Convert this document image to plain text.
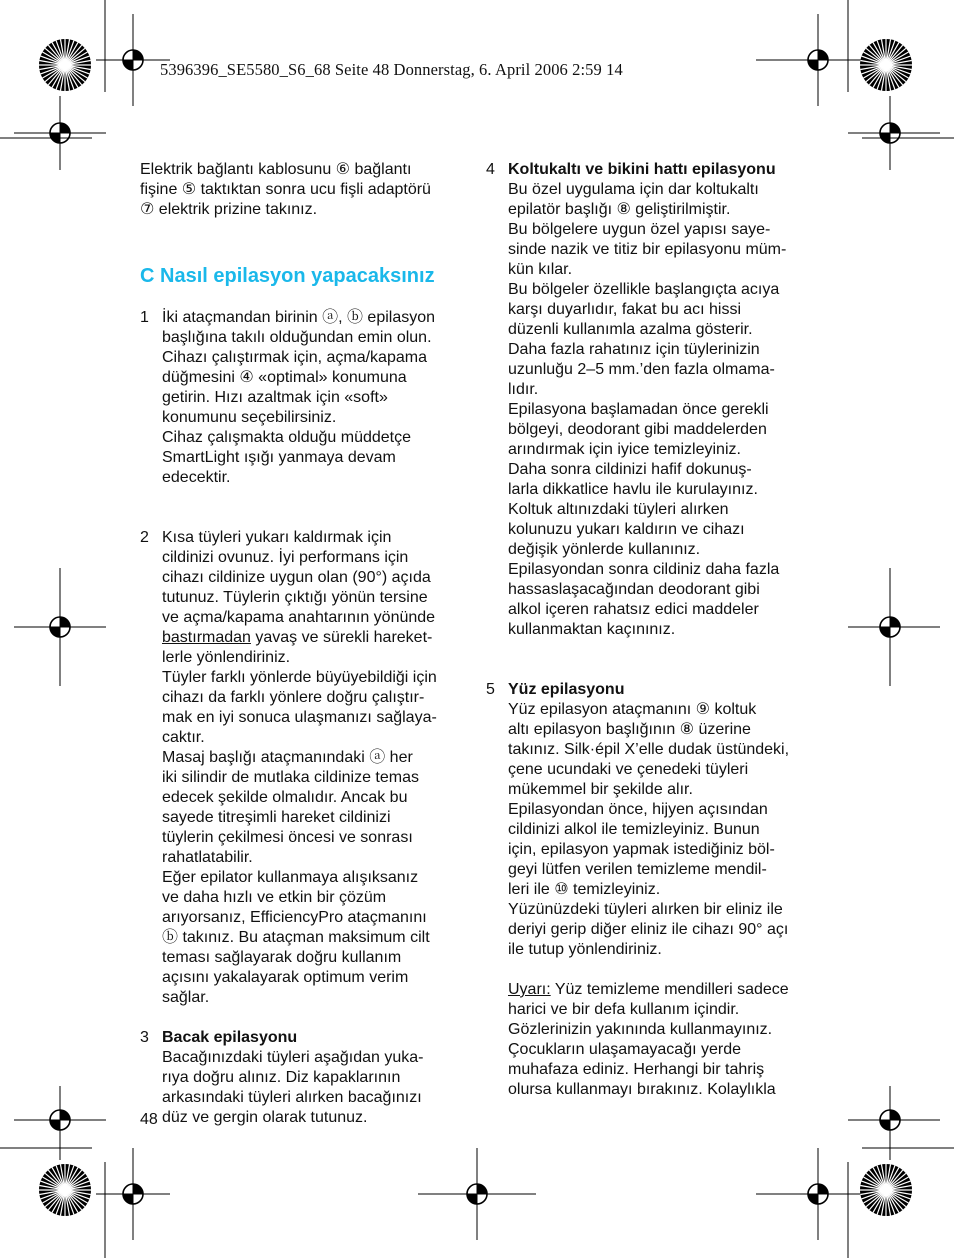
5396396_SE5580_S6_68 Seite 48 Donnerstag, 6. April 2006 2:59 14

Elektrik bağlantı kablosunu ⑥ bağlantı
fişine ⑤ taktıktan sonra ucu fişli adaptörü
⑦ elektrik prizine takınız.

C Nasıl epilasyon yapacaksınız
1 İki ataçmandan birinin ⓐ, ⓑ epilasyon
başlığına takılı olduğundan emin olun.
Cihazı çalıştırmak için, açma/kapama
düğmesini ④ «optimal» konumuna
getirin. Hızı azaltmak için «soft»
konumunu seçebilirsiniz.
Cihaz çalışmakta olduğu müddetçe
SmartLight ışığı yanmaya devam
edecektir.
2 Kısa tüyleri yukarı kaldırmak için
cildinizi ovunuz. İyi performans için
cihazı cildinize uygun olan (90°) açıda
tutunuz. Tüylerin çıktığı yönün tersine
ve açma/kapama anahtarının yönünde
bastırmadan yavaş ve sürekli hareket-
lerle yönlendiriniz.
Tüyler farklı yönlerde büyüyebildiği için
cihazı da farklı yönlere doğru çalıştır-
mak en iyi sonuca ulaşmanızı sağlaya-
caktır.
Masaj başlığı ataçmanındaki ⓐ her
iki silindir de mutlaka cildinize temas
edecek şekilde olmalıdır. Ancak bu
sayede titreşimli hareket cildinizi
tüylerin çekilmesi öncesi ve sonrası
rahatlatabilir.
Eğer epilator kullanmaya alışıksanız
ve daha hızlı ve etkin bir çözüm
arıyorsanız, EfficiencyPro ataçmanını
ⓑ takınız. Bu ataçman maksimum cilt
teması sağlayarak doğru kullanım
açısını yakalayarak optimum verim
sağlar.
3 Bacak epilasyonu
Bacağınızdaki tüyleri aşağıdan yuka-
rıya doğru alınız. Diz kapaklarının
arkasındaki tüyleri alırken bacağınızı
düz ve gergin olarak tutunuz.
4 Koltukaltı ve bikini hattı epilasyonu
Bu özel uygulama için dar koltukaltı
epilatör başlığı ⑧ geliştirilmiştir.
Bu bölgelere uygun özel yapısı saye-
sinde nazik ve titiz bir epilasyonu müm-
kün kılar.
Bu bölgeler özellikle başlangıçta acıya
karşı duyarlıdır, fakat bu acı hissi
düzenli kullanımla azalma gösterir.
Daha fazla rahatınız için tüylerinizin
uzunluğu 2–5 mm.’den fazla olmama-
lıdır.
Epilasyona başlamadan önce gerekli
bölgeyi, deodorant gibi maddelerden
arındırmak için iyice temizleyiniz.
Daha sonra cildinizi hafif dokunuş-
larla dikkatlice havlu ile kurulayınız.
Koltuk altınızdaki tüyleri alırken
kolunuzu yukarı kaldırın ve cihazı
değişik yönlerde kullanınız.
Epilasyondan sonra cildiniz daha fazla
hassaslaşacağından deodorant gibi
alkol içeren rahatsız edici maddeler
kullanmaktan kaçınınız.
5 Yüz epilasyonu
Yüz epilasyon ataçmanını ⑨ koltuk
altı epilasyon başlığının ⑧ üzerine
takınız. Silk·épil X’elle dudak üstündeki,
çene ucundaki ve çenedeki tüyleri
mükemmel bir şekilde alır.
Epilasyondan önce, hijyen açısından
cildinizi alkol ile temizleyiniz. Bunun
için, epilasyon yapmak istediğiniz böl-
geyi lütfen verilen temizleme mendil-
leri ile ⑩ temizleyiniz.
Yüzünüzdeki tüyleri alırken bir eliniz ile
deriyi gerip diğer eliniz ile cihazı 90° açı
ile tutup yönlendiriniz.
Uyarı: Yüz temizleme mendilleri sadece
harici ve bir defa kullanım içindir.
Gözlerinizin yakınında kullanmayınız.
Çocukların ulaşamayacağı yerde
muhafaza ediniz. Herhangi bir tahriş
olursa kullanmayı bırakınız. Kolaylıkla
48
